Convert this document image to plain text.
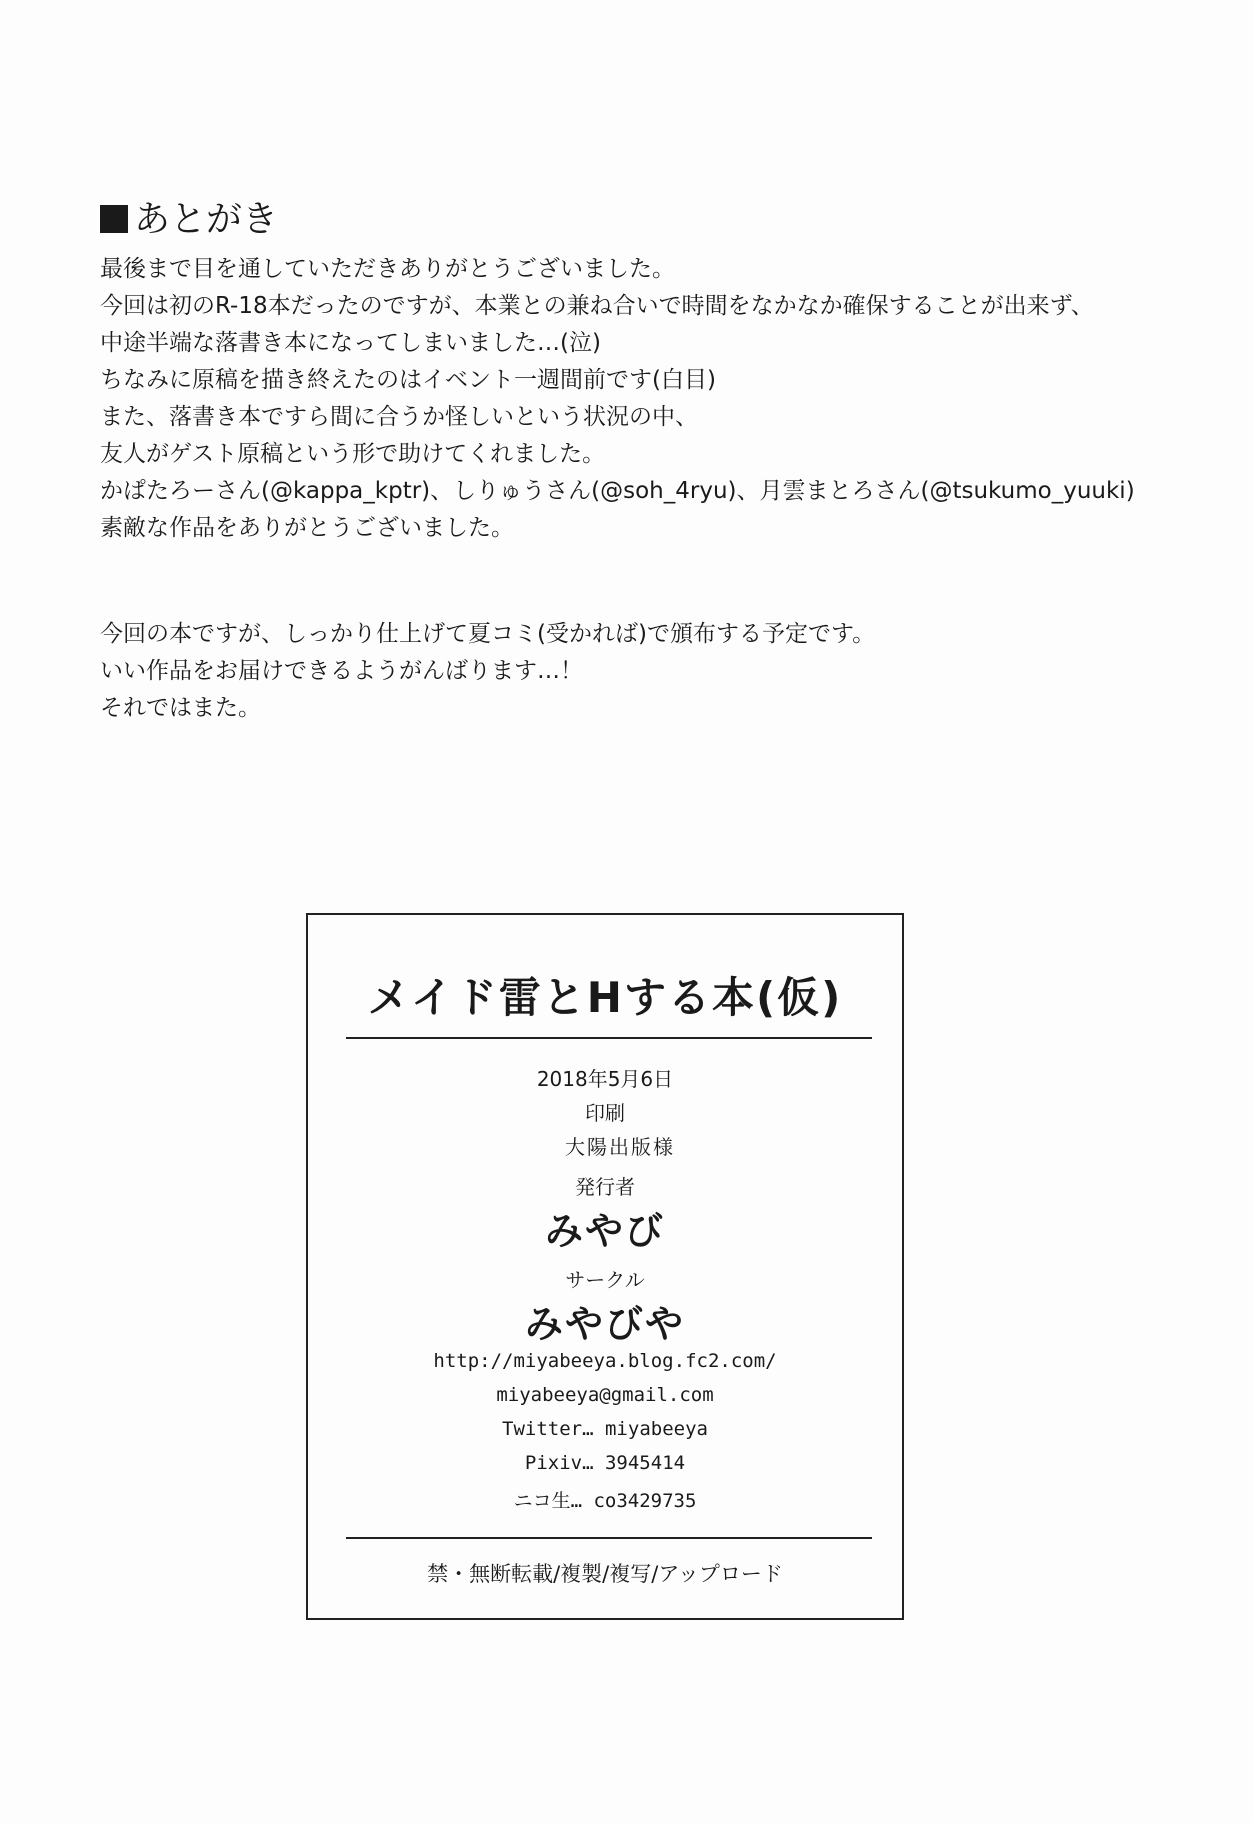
あとがき
最後まで目を通していただきありがとうございました。
今回は初のR-18本だったのですが、本業との兼ね合いで時間をなかなか確保することが出来ず、
中途半端な落書き本になってしまいました…(泣)
ちなみに原稿を描き終えたのはイベント一週間前です(白目)
また、落書き本ですら間に合うか怪しいという状況の中、
友人がゲスト原稿という形で助けてくれました。
かぱたろーさん(@kappa_kptr)、しりゅうさん(@soh_4ryu)、月雲まとろさん(@tsukumo_yuuki)
素敵な作品をありがとうございました。
今回の本ですが、しっかり仕上げて夏コミ(受かれば)で頒布する予定です。
いい作品をお届けできるようがんばります…！
それではまた。
メイド雷とHする本(仮)
2018年5月6日
印刷
大陽出版様
発行者
みやび
サークル
みやびや
http://miyabeeya.blog.fc2.com/
miyabeeya@gmail.com
Twitter… miyabeeya
Pixiv… 3945414
ニコ生… co3429735
禁・無断転載/複製/複写/アップロード
